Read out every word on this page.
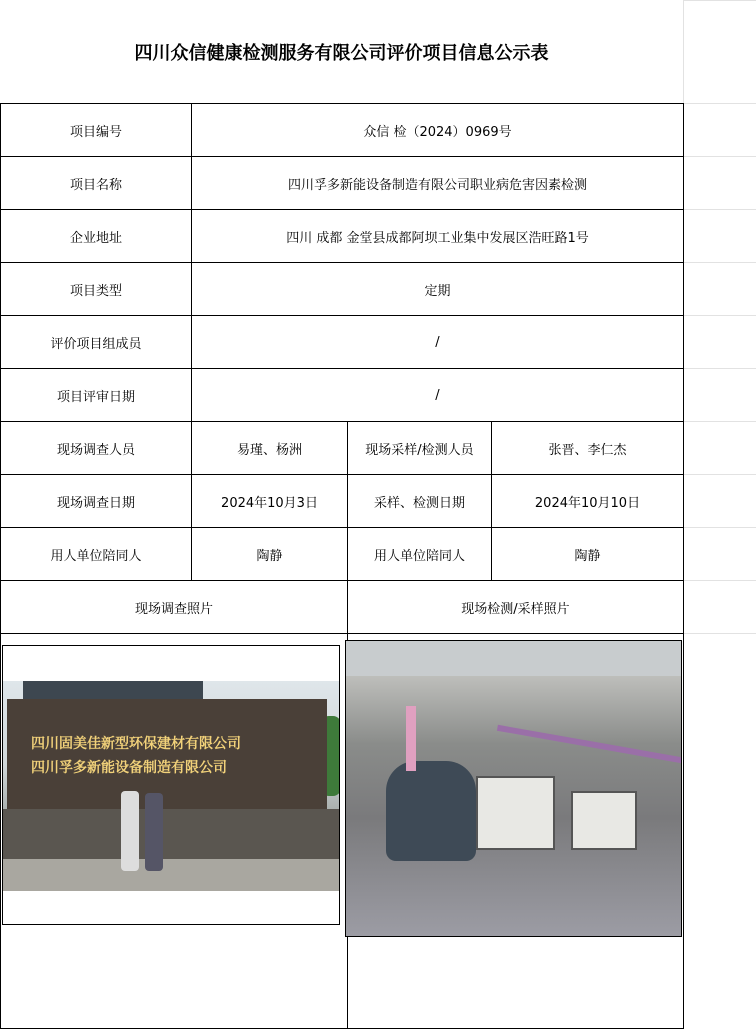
四川众信健康检测服务有限公司评价项目信息公示表
项目编号	众信 检（2024）0969号
项目名称	四川孚多新能设备制造有限公司职业病危害因素检测
企业地址	四川 成都 金堂县成都阿坝工业集中发展区浩旺路1号
项目类型	定期
评价项目组成员	/
项目评审日期	/
现场调查人员	易瑾、杨洲	现场采样/检测人员	张晋、李仁杰
现场调查日期	2024年10月3日	采样、检测日期	2024年10月10日
用人单位陪同人	陶静	用人单位陪同人	陶静
现场调查照片	现场检测/采样照片
四川固美佳新型环保建材有限公司
四川孚多新能设备制造有限公司
